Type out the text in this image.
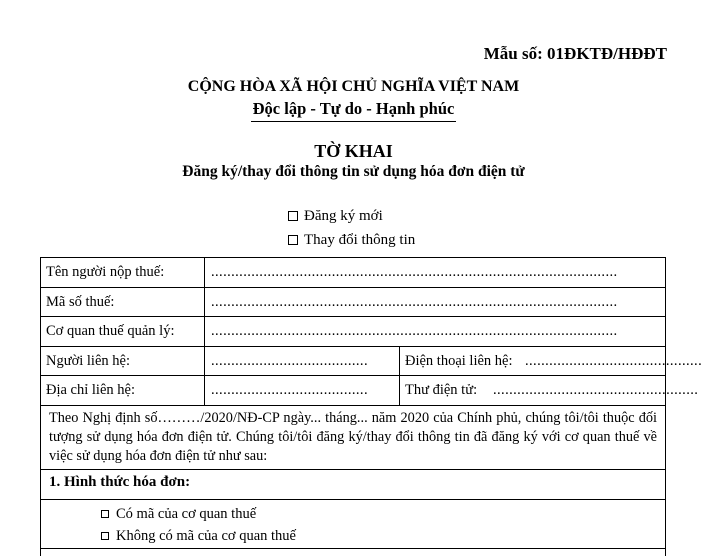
Mẫu số: 01ĐKTĐ/HĐĐT
CỘNG HÒA XÃ HỘI CHỦ NGHĨA VIỆT NAM
Độc lập - Tự do - Hạnh phúc
TỜ KHAI
Đăng ký/thay đổi thông tin sử dụng hóa đơn điện tử
Đăng ký mới
Thay đổi thông tin
Tên người nộp thuế:	.....................................................................................................
Mã số thuế:	.....................................................................................................
Cơ quan thuế quản lý:	.....................................................................................................
Người liên hệ:	.......................................	Điện thoại liên hệ: ............................................
Địa chỉ liên hệ:	.......................................	Thư điện tử:	...................................................
Theo Nghị định số………/2020/NĐ-CP ngày... tháng... năm 2020 của Chính phủ, chúng tôi/tôi thuộc đối tượng sử dụng hóa đơn điện tử. Chúng tôi/tôi đăng ký/thay đổi thông tin đã đăng ký với cơ quan thuế về việc sử dụng hóa đơn điện tử như sau:
1. Hình thức hóa đơn:
Có mã của cơ quan thuế
Không có mã của cơ quan thuế
